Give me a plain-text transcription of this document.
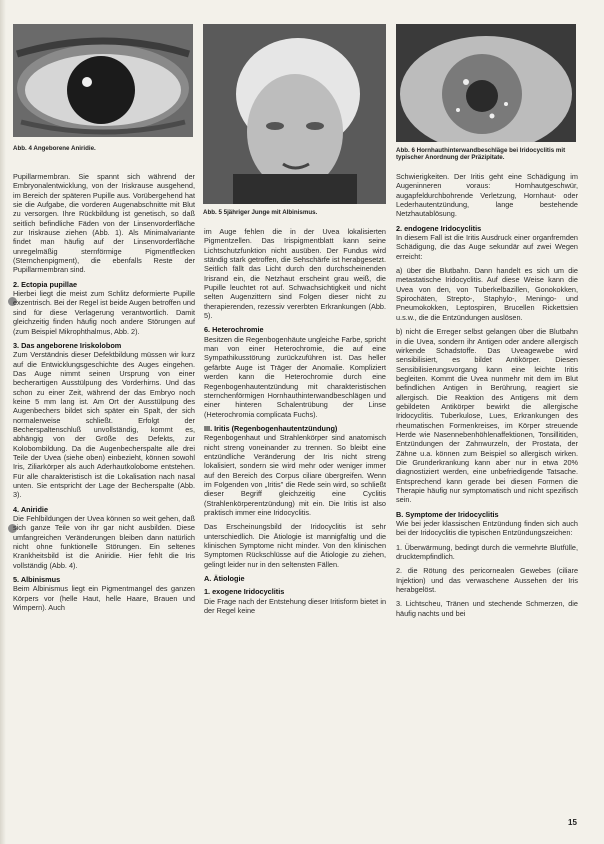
Abb. 4 Angeborene Aniridie.
Abb. 5 5jähriger Junge mit Albinismus.
Abb. 6 Hornhauthinterwandbeschläge bei Iridocyclitis mit typischer Anordnung der Präzipitate.

Pupillarmembran. Sie spannt sich während der Embryonalentwicklung, von der Iriskrause ausgehend, im Bereich der späteren Pupille aus. Vorübergehend hat sie die Aufgabe, die vorderen Augenabschnitte mit Blut zu versorgen. Ihre Rückbildung ist genetisch, so daß seitlich befindliche Fäden von der Linsenvorderfläche zur Iriskrause ziehen (Abb. 1). Als Minimalvariante findet man häufig auf der Linsenvorderfläche unregelmäßig sternförmige Pigmentflecken (Sternchenpigment), die ebenfalls Reste der Pupillarmembran sind.

2. Ectopia pupillae

Hierbei liegt die meist zum Schlitz deformierte Pupille exzentrisch. Bei der Regel ist beide Augen betroffen und sind für diese Verlagerung verantwortlich. Damit gleichzeitig finden häufig noch andere Störungen auf (zum Beispiel Mikrophthalmus, Abb. 2).

3. Das angeborene Iriskolobom

Zum Verständnis dieser Defektbildung müssen wir kurz auf die Entwicklungsgeschichte des Auges eingehen. Das Auge nimmt seinen Ursprung von einer becherartigen Ausstülpung des Vorderhirns. Und das schon zu einer Zeit, während der das Embryo noch keine 5 mm lang ist. Am Ort der Ausstülpung des Augenbechers bildet sich später ein Spalt, der sich normalerweise schließt. Erfolgt der Becherspaltenschluß unvollständig, kommt es, abhängig von der Größe des Defekts, zur Kolobombildung. Da die Augenbecherspalte alle drei Teile der Uvea (siehe oben) einbezieht, können sowohl Iris, Ziliarkörper als auch Aderhautkolobome entstehen. Für alle charakteristisch ist die Lokalisation nach nasal unten. Sie entspricht der Lage der Becherspalte (Abb. 3).

4. Aniridie

Die Fehlbildungen der Uvea können so weit gehen, daß sich ganze Teile von ihr gar nicht ausbilden. Diese umfangreichen Veränderungen bleiben dann natürlich nicht ohne funktionelle Störungen. Ein seltenes Krankheitsbild ist die Aniridie. Hier fehlt die Iris vollständig (Abb. 4).

5. Albinismus

Beim Albinismus liegt ein Pigmentmangel des ganzen Körpers vor (helle Haut, helle Haare, Brauen und Wimpern). Auch

im Auge fehlen die in der Uvea lokalisierten Pigmentzellen. Das Irispigmentblatt kann seine Lichtschutzfunktion nicht ausüben. Der Fundus wird ständig stark getroffen, die Sehschärfe ist herabgesetzt. Seitlich fällt das Licht durch den durchscheinenden Irisrand ein, die Netzhaut erscheint grau weiß, die Pupille leuchtet rot auf. Schwachsichtigkeit und nicht selten Augenzittern sind Folgen dieser nicht zu therapierenden, rezessiv vererbten Erkrankungen (Abb. 5).

6. Heterochromie

Besitzen die Regenbogenhäute ungleiche Farbe, spricht man von einer Heterochromie, die auf eine Sympathikusstörung zurückzuführen ist. Das heller gefärbte Auge ist Träger der Anomalie. Kompliziert werden kann die Heterochromie durch eine Regenbogenhautentzündung mit charakteristischen sternchenförmigen Hornhauthinterwandbeschlägen und einer hinteren Schalentrübung der Linse (Heterochromia complicata Fuchs).

III. Iritis (Regenbogenhautentzündung)

Regenbogenhaut und Strahlenkörper sind anatomisch nicht streng voneinander zu trennen. So bleibt eine entzündliche Veränderung der Iris nicht streng lokalisiert, sondern sie wird mehr oder weniger immer auf den Bereich des Corpus ciliare übergreifen. Wenn im Folgenden von „Iritis" die Rede sein wird, so schließt dieser Begriff gleichzeitig eine Cyclitis (Strahlenkörperentzündung) mit ein. Die Iritis ist also praktisch immer eine Iridocyclitis.

Das Erscheinungsbild der Iridocyclitis ist sehr unterschiedlich. Die Ätiologie ist mannigfaltig und die klinischen Symptome nicht minder. Von den klinischen Symptomen Rückschlüsse auf die Ätiologie zu ziehen, gelingt leider nur in den seltensten Fällen.

A. Ätiologie
1. exogene Iridocyclitis

Die Frage nach der Entstehung dieser Iritisform bietet in der Regel keine

Schwierigkeiten. Der Iritis geht eine Schädigung im Augeninneren voraus: Hornhautgeschwür, augapfeldurchbohrende Verletzung, Hornhaut- oder Lederhautentzündung, lange bestehende Netzhautablösung.

2. endogene Iridocyclitis

In diesem Fall ist die Iritis Ausdruck einer organfremden Schädigung, die das Auge sekundär auf zwei Wegen erreicht:

a) über die Blutbahn. Dann handelt es sich um die metastatische Iridocyclitis. Auf diese Weise kann die Uvea von den, von Tuberkelbazillen, Gonokokken, Spirochäten, Strepto-, Staphylo-, Meningo- und Pneumokokken, Leptospiren, Brucellen Rickettsien u.s.w., die die Entzündungen auslösen.

b) nicht die Erreger selbst gelangen über die Blutbahn in die Uvea, sondern ihr Antigen oder andere allergisch wirkende Schadstoffe. Das Uveagewebe wird sensibilisiert, es bildet Antikörper. Diesen Sensibilisierungsvorgang kann eine leichte Iritis begleiten. Kommt die Uvea nunmehr mit dem im Blut befindlichen Antigen in Berührung, reagiert sie allergisch. Die Reaktion des Antigens mit dem gebildeten Antikörper bewirkt die allergische Iridocyclitis. Tuberkulose, Lues, Erkrankungen des rheumatischen Formenkreises, im Körper streuende Herde wie Nasennebenhöhlenaffektionen, Tonsillitiden, Entzündungen der Zahnwurzeln, der Prostata, der Zähne u.a. können zum Beispiel so allergisch wirken. Die Grunderkrankung kann aber nur in etwa 20% diagnostiziert werden, eine unbefriedigende Tatsache. Entsprechend kann gerade bei diesen Formen die Therapie häufig nur symptomatisch und nicht spezifisch sein.

B. Symptome der Iridocyclitis

Wie bei jeder klassischen Entzündung finden sich auch bei der Iridocyclitis die typischen Entzündungszeichen:

1. Überwärmung, bedingt durch die vermehrte Blutfülle, drucktempfindlich.

2. die Rötung des pericornealen Gewebes (ciliare Injektion) und das verwaschene Aussehen der Iris herabgelöst.

3. Lichtscheu, Tränen und stechende Schmerzen, die häufig nachts und bei

15
